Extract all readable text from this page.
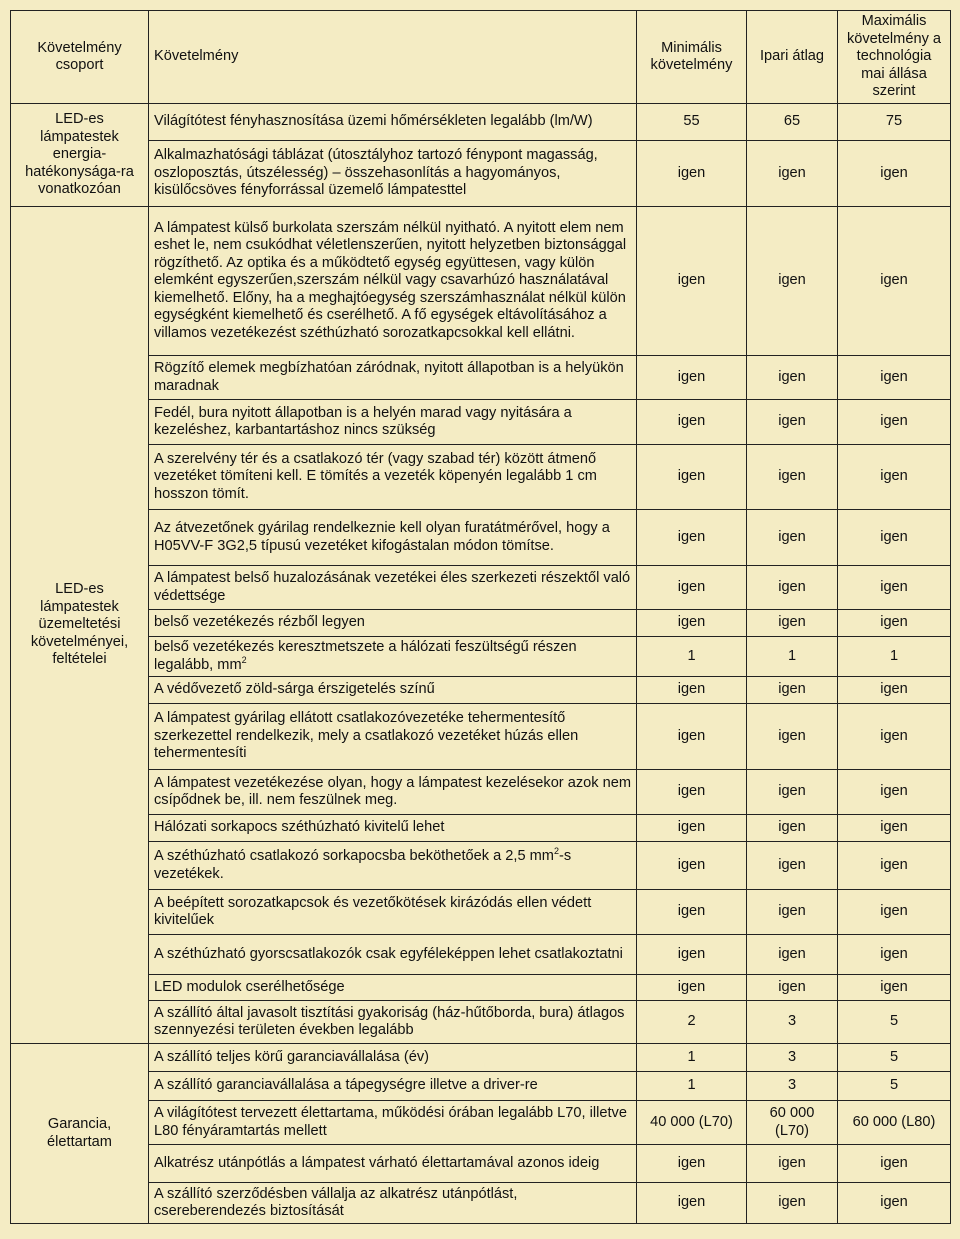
Követelmény csoport	Követelmény	Minimális követelmény	Ipari átlag	Maximális követelmény a technológia mai állása szerint
LED-es lámpatestek energia-hatékonysága-ra vonatkozóan	Világítótest fényhasznosítása üzemi hőmérsékleten legalább (lm/W)	55	65	75
	Alkalmazhatósági táblázat (útosztályhoz tartozó fénypont magasság, oszloposztás, útszélesség) – összehasonlítás a hagyományos, kisülőcsöves fényforrással üzemelő lámpatesttel	igen	igen	igen
LED-es lámpatestek üzemeltetési követelményei, feltételei	A lámpatest külső burkolata szerszám nélkül nyitható. A nyitott elem nem eshet le, nem csukódhat véletlenszerűen, nyitott helyzetben biztonsággal rögzíthető. Az optika és a működtető egység együttesen, vagy külön elemként egyszerűen,szerszám nélkül vagy csavarhúzó használatával kiemelhető. Előny, ha a meghajtóegység szerszámhasználat nélkül külön egységként kiemelhető és cserélhető. A fő egységek eltávolításához a villamos vezetékezést széthúzható sorozatkapcsokkal kell ellátni.	igen	igen	igen
	Rögzítő elemek megbízhatóan záródnak, nyitott állapotban is a helyükön maradnak	igen	igen	igen
	Fedél, bura nyitott állapotban is a helyén marad vagy nyitására a kezeléshez, karbantartáshoz nincs szükség	igen	igen	igen
	A szerelvény tér és a csatlakozó tér (vagy szabad tér) között átmenő vezetéket tömíteni kell. E tömítés a vezeték köpenyén legalább 1 cm hosszon tömít.	igen	igen	igen
	Az átvezetőnek gyárilag rendelkeznie kell olyan furatátmérővel, hogy a H05VV-F 3G2,5 típusú vezetéket kifogástalan módon tömítse.	igen	igen	igen
	A lámpatest belső huzalozásának vezetékei éles szerkezeti részektől való védettsége	igen	igen	igen
	belső vezetékezés rézből legyen	igen	igen	igen
	belső vezetékezés keresztmetszete a hálózati feszültségű részen legalább, $mm^2$	1	1	1
	A védővezető zöld-sárga érszigetelés színű	igen	igen	igen
	A lámpatest gyárilag ellátott csatlakozóvezetéke tehermentesítő szerkezettel rendelkezik, mely a csatlakozó vezetéket húzás ellen tehermentesíti	igen	igen	igen
	A lámpatest vezetékezése olyan, hogy a lámpatest kezelésekor azok nem csípődnek be, ill. nem feszülnek meg.	igen	igen	igen
	Hálózati sorkapocs széthúzható kivitelű lehet	igen	igen	igen
	A széthúzható csatlakozó sorkapocsba beköthetőek a 2,5 $mm^2-s$ vezetékek.	igen	igen	igen
	A beépített sorozatkapcsok és vezetőkötések kirázódás ellen védett kivitelűek	igen	igen	igen
	A széthúzható gyorscsatlakozók csak egyféleképpen lehet csatlakoztatni	igen	igen	igen
	LED modulok cserélhetősége	igen	igen	igen
	A szállító által javasolt tisztítási gyakoriság (ház-hűtőborda, bura) átlagos szennyezési területen években legalább	2	3	5
Garancia, élettartam	A szállító teljes körű garanciavállalása (év)	1	3	5
	A szállító garanciavállalása a tápegységre illetve a driver-re	1	3	5
	A világítótest tervezett élettartama, működési órában legalább L70, illetve L80 fényáramtartás mellett	40 000 (L70)	60 000 (L70)	60 000 (L80)
	Alkatrész utánpótlás a lámpatest várható élettartamával azonos ideig	igen	igen	igen
	A szállító szerződésben vállalja az alkatrész utánpótlást, csereberendezés biztosítását	igen	igen	igen
